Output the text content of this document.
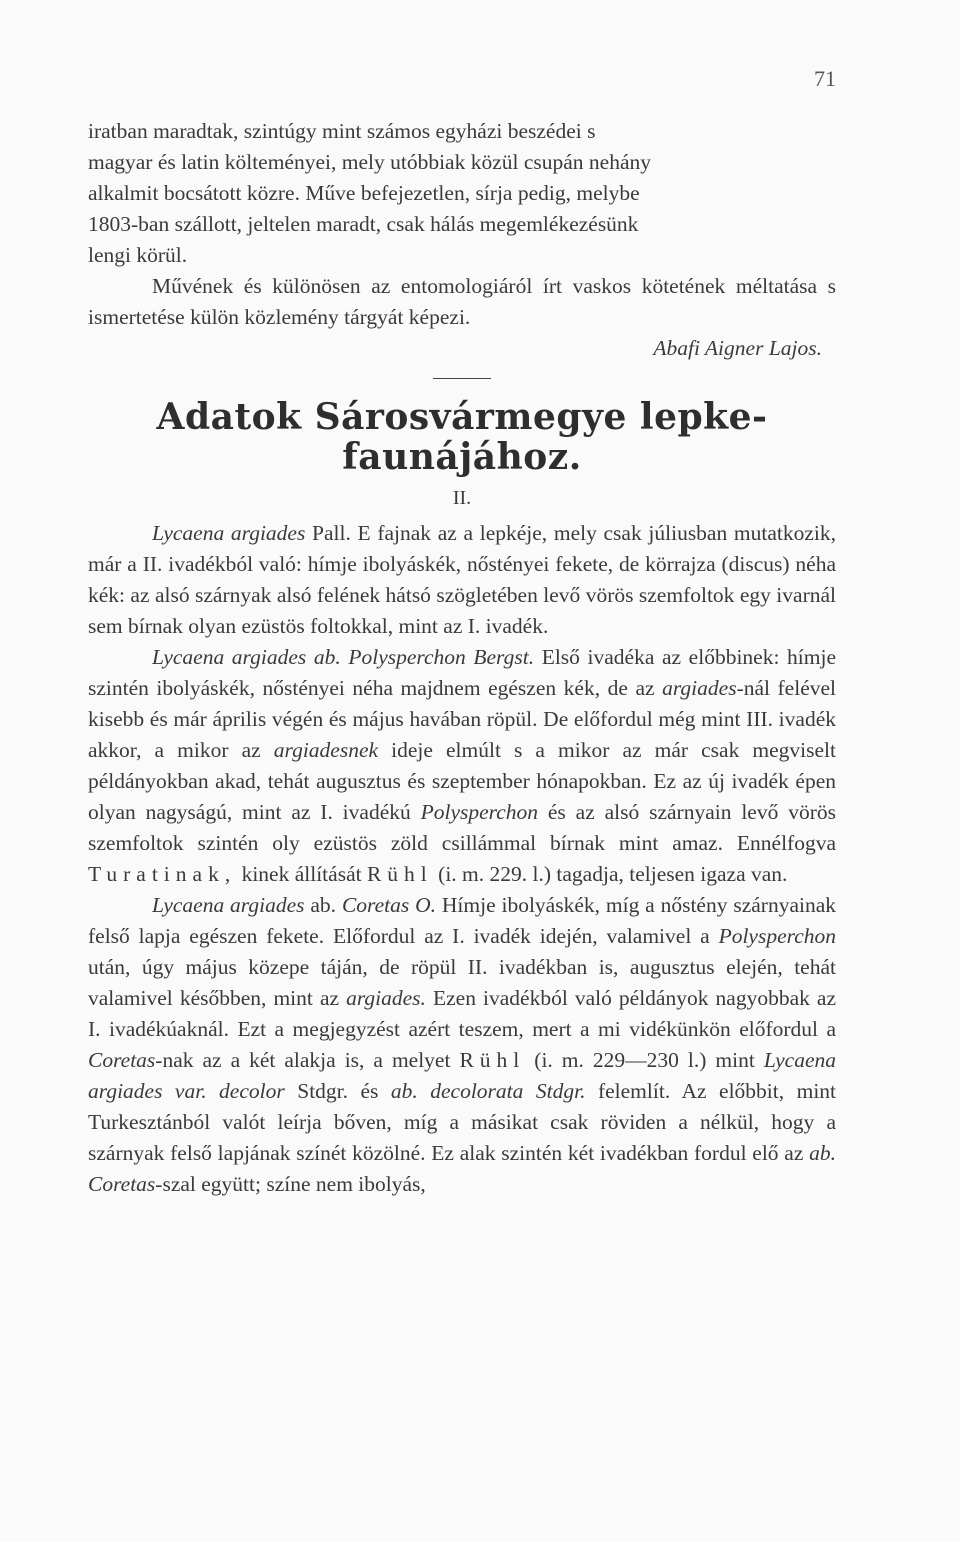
71

iratban maradtak, szintúgy mint számos egyházi beszédei s

magyar és latin költeményei, mely utóbbiak közül csupán nehány

alkalmit bocsátott közre. Műve befejezetlen, sírja pedig, melybe

1803-ban szállott, jeltelen maradt, csak hálás megemlékezésünk

lengi körül.

Művének és különösen az entomologiáról írt vaskos kötetének méltatása s ismertetése külön közlemény tárgyát képezi.

Abafi Aigner Lajos.

Adatok Sárosvármegye lepke-faunájához.
II.

Lycaena argiades Pall. E fajnak az a lepkéje, mely csak júliusban mutatkozik, már a II. ivadékból való: hímje ibolyáskék, nőstényei fekete, de körrajza (discus) néha kék: az alsó szárnyak alsó felének hátsó szögletében levő vörös szemfoltok egy ivarnál sem bírnak olyan ezüstös foltokkal, mint az I. ivadék.

Lycaena argiades ab. Polysperchon Bergst. Első ivadéka az előbbinek: hímje szintén ibolyáskék, nőstényei néha majdnem egészen kék, de az argiades-nál felével kisebb és már április végén és május havában röpül. De előfordul még mint III. ivadék akkor, a mikor az argiadesnek ideje elmúlt s a mikor az már csak megviselt példányokban akad, tehát augusztus és szeptember hónapokban. Ez az új ivadék épen olyan nagyságú, mint az I. ivadékú Polysperchon és az alsó szárnyain levő vörös szemfoltok szintén oly ezüstös zöld csillámmal bírnak mint amaz. Ennélfogva Turatinak, kinek állítását Rühl (i. m. 229. l.) tagadja, teljesen igaza van.

Lycaena argiades ab. Coretas O. Hímje ibolyáskék, míg a nőstény szárnyainak felső lapja egészen fekete. Előfordul az I. ivadék idején, valamivel a Polysperchon után, úgy május közepe táján, de röpül II. ivadékban is, augusztus elején, tehát valamivel későbben, mint az argiades. Ezen ivadékból való példányok nagyobbak az I. ivadékúaknál. Ezt a megjegyzést azért teszem, mert a mi vidékünkön előfordul a Coretas-nak az a két alakja is, a melyet Rühl (i. m. 229—230 l.) mint Lycaena argiades var. decolor Stdgr. és ab. decolorata Stdgr. felemlít. Az előbbit, mint Turkesztánból valót leírja bőven, míg a másikat csak röviden a nélkül, hogy a szárnyak felső lapjának színét közölné. Ez alak szintén két ivadékban fordul elő az ab. Coretas-szal együtt; színe nem ibolyás,
